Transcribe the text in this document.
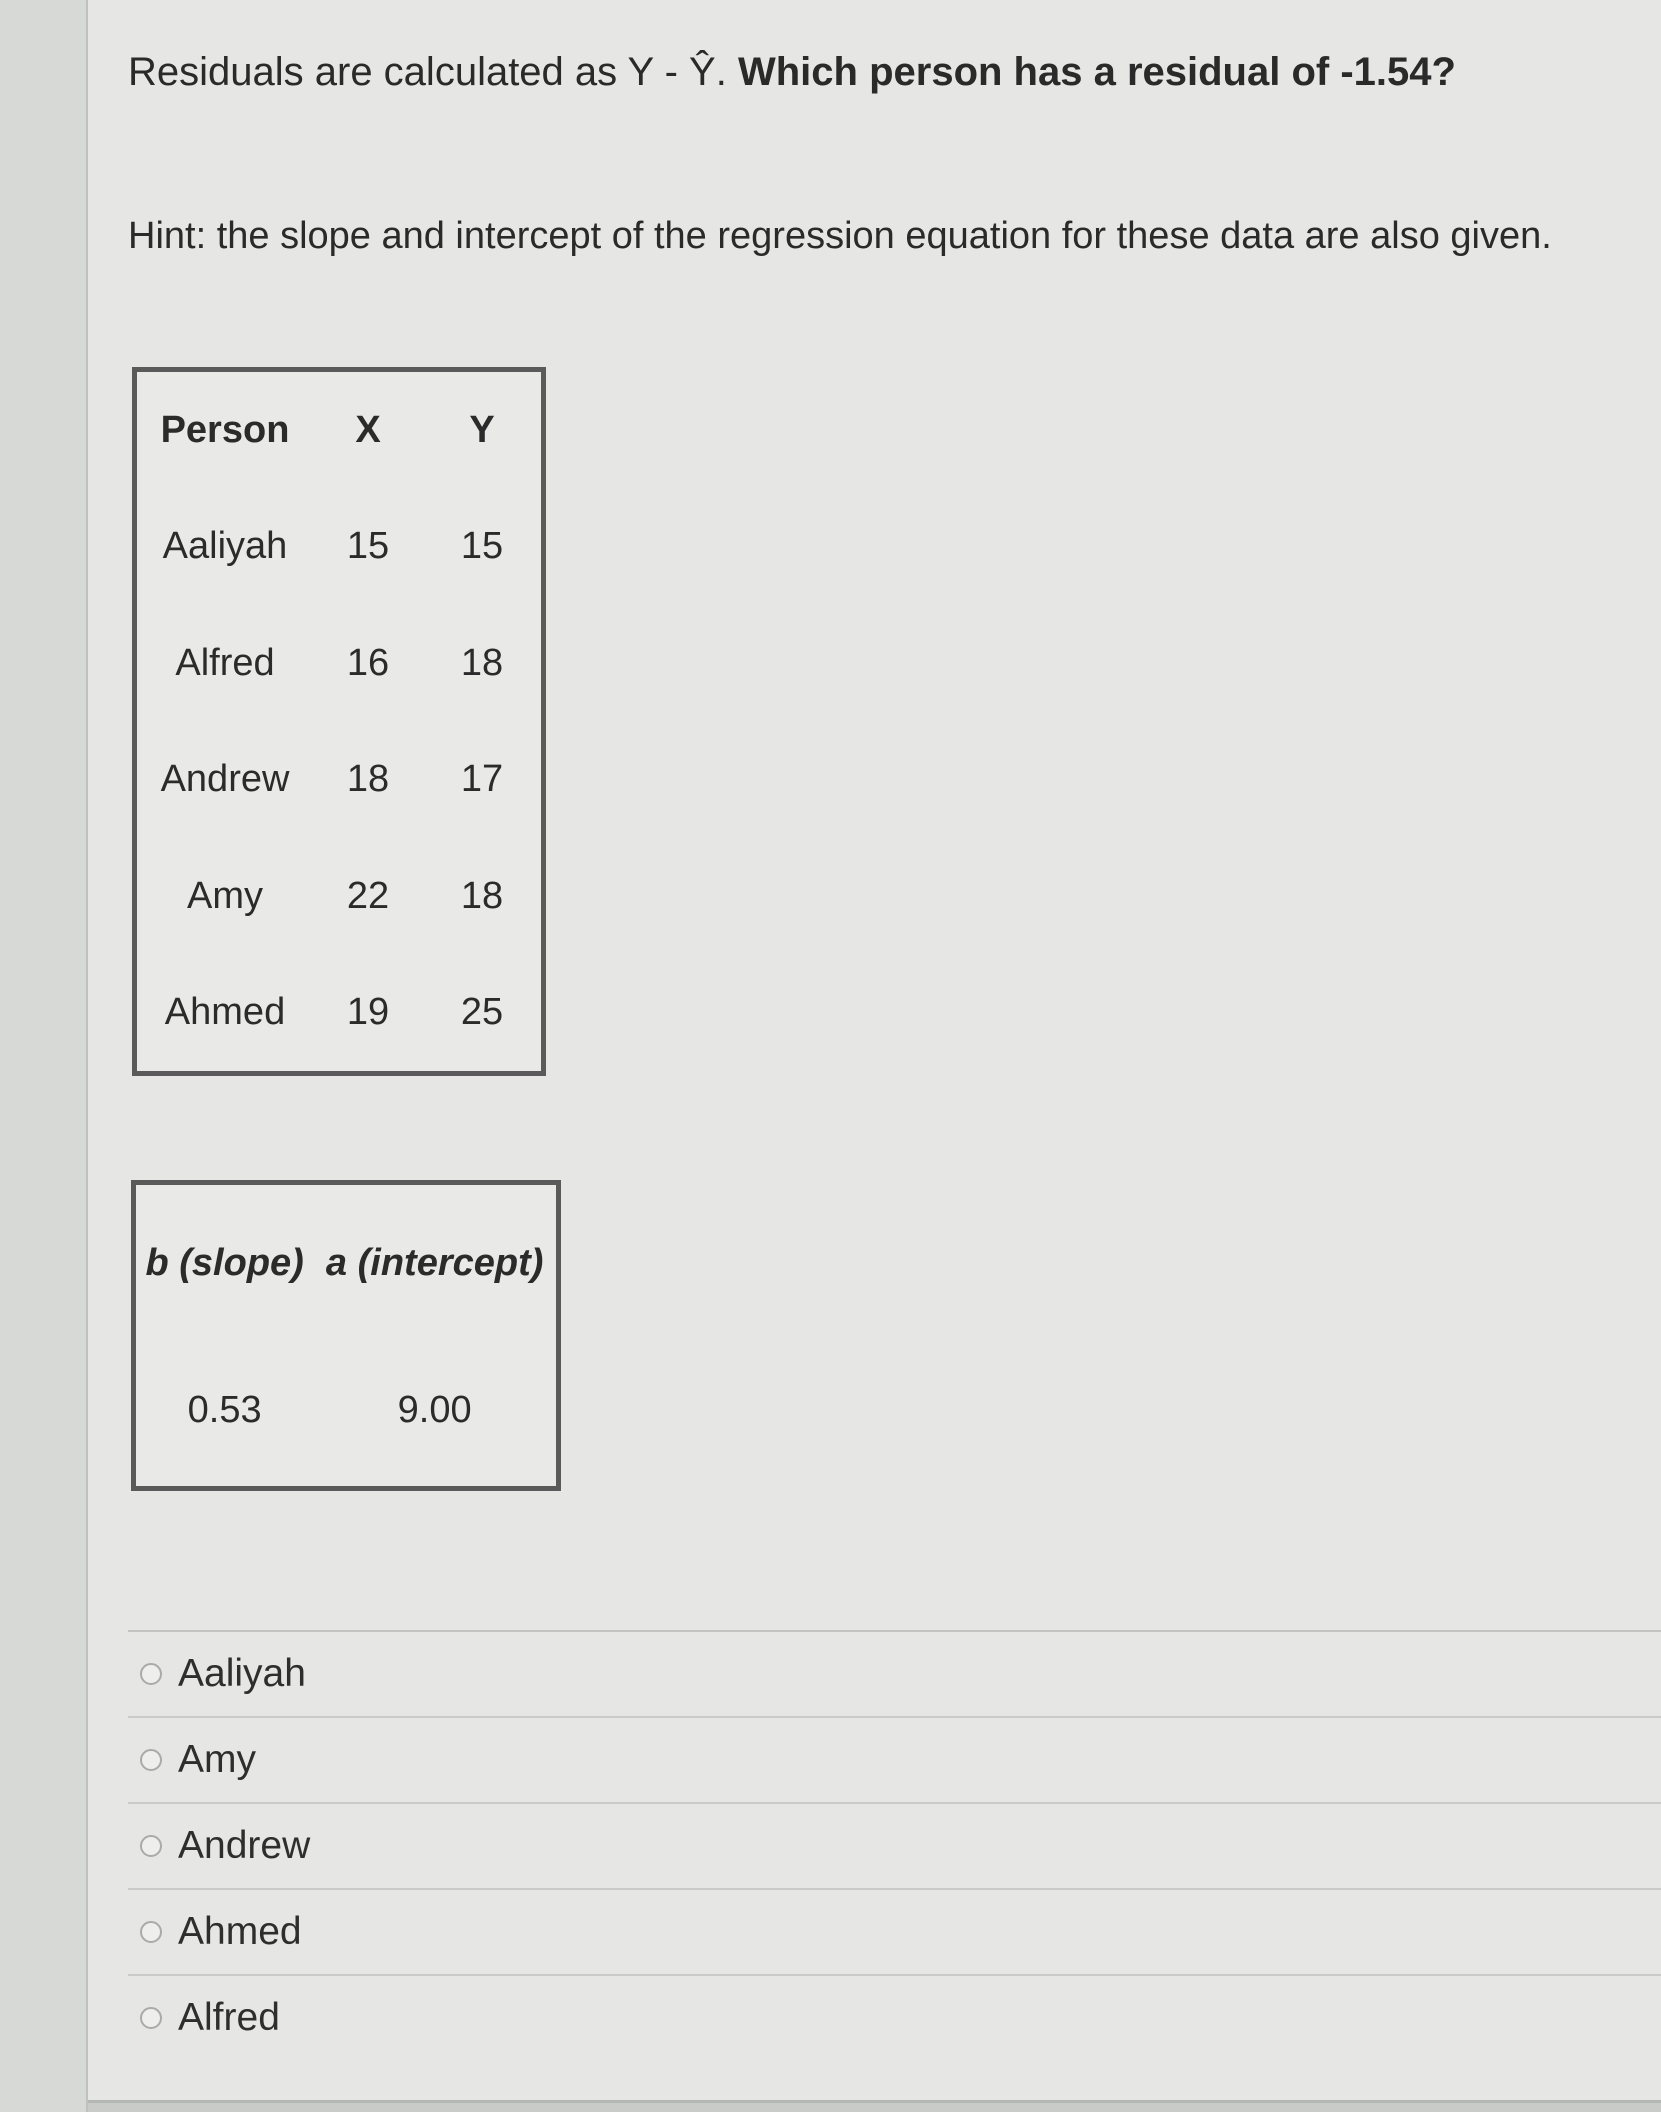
Residuals are calculated as Y - Ŷ. Which person has a residual of -1.54?
Hint: the slope and intercept of the regression equation for these data are also given.
Person	X	Y
Aaliyah	15	15
Alfred	16	18
Andrew	18	17
Amy	22	18
Ahmed	19	25
b (slope)	a (intercept)
0.53	9.00
Aaliyah
Amy
Andrew
Ahmed
Alfred
